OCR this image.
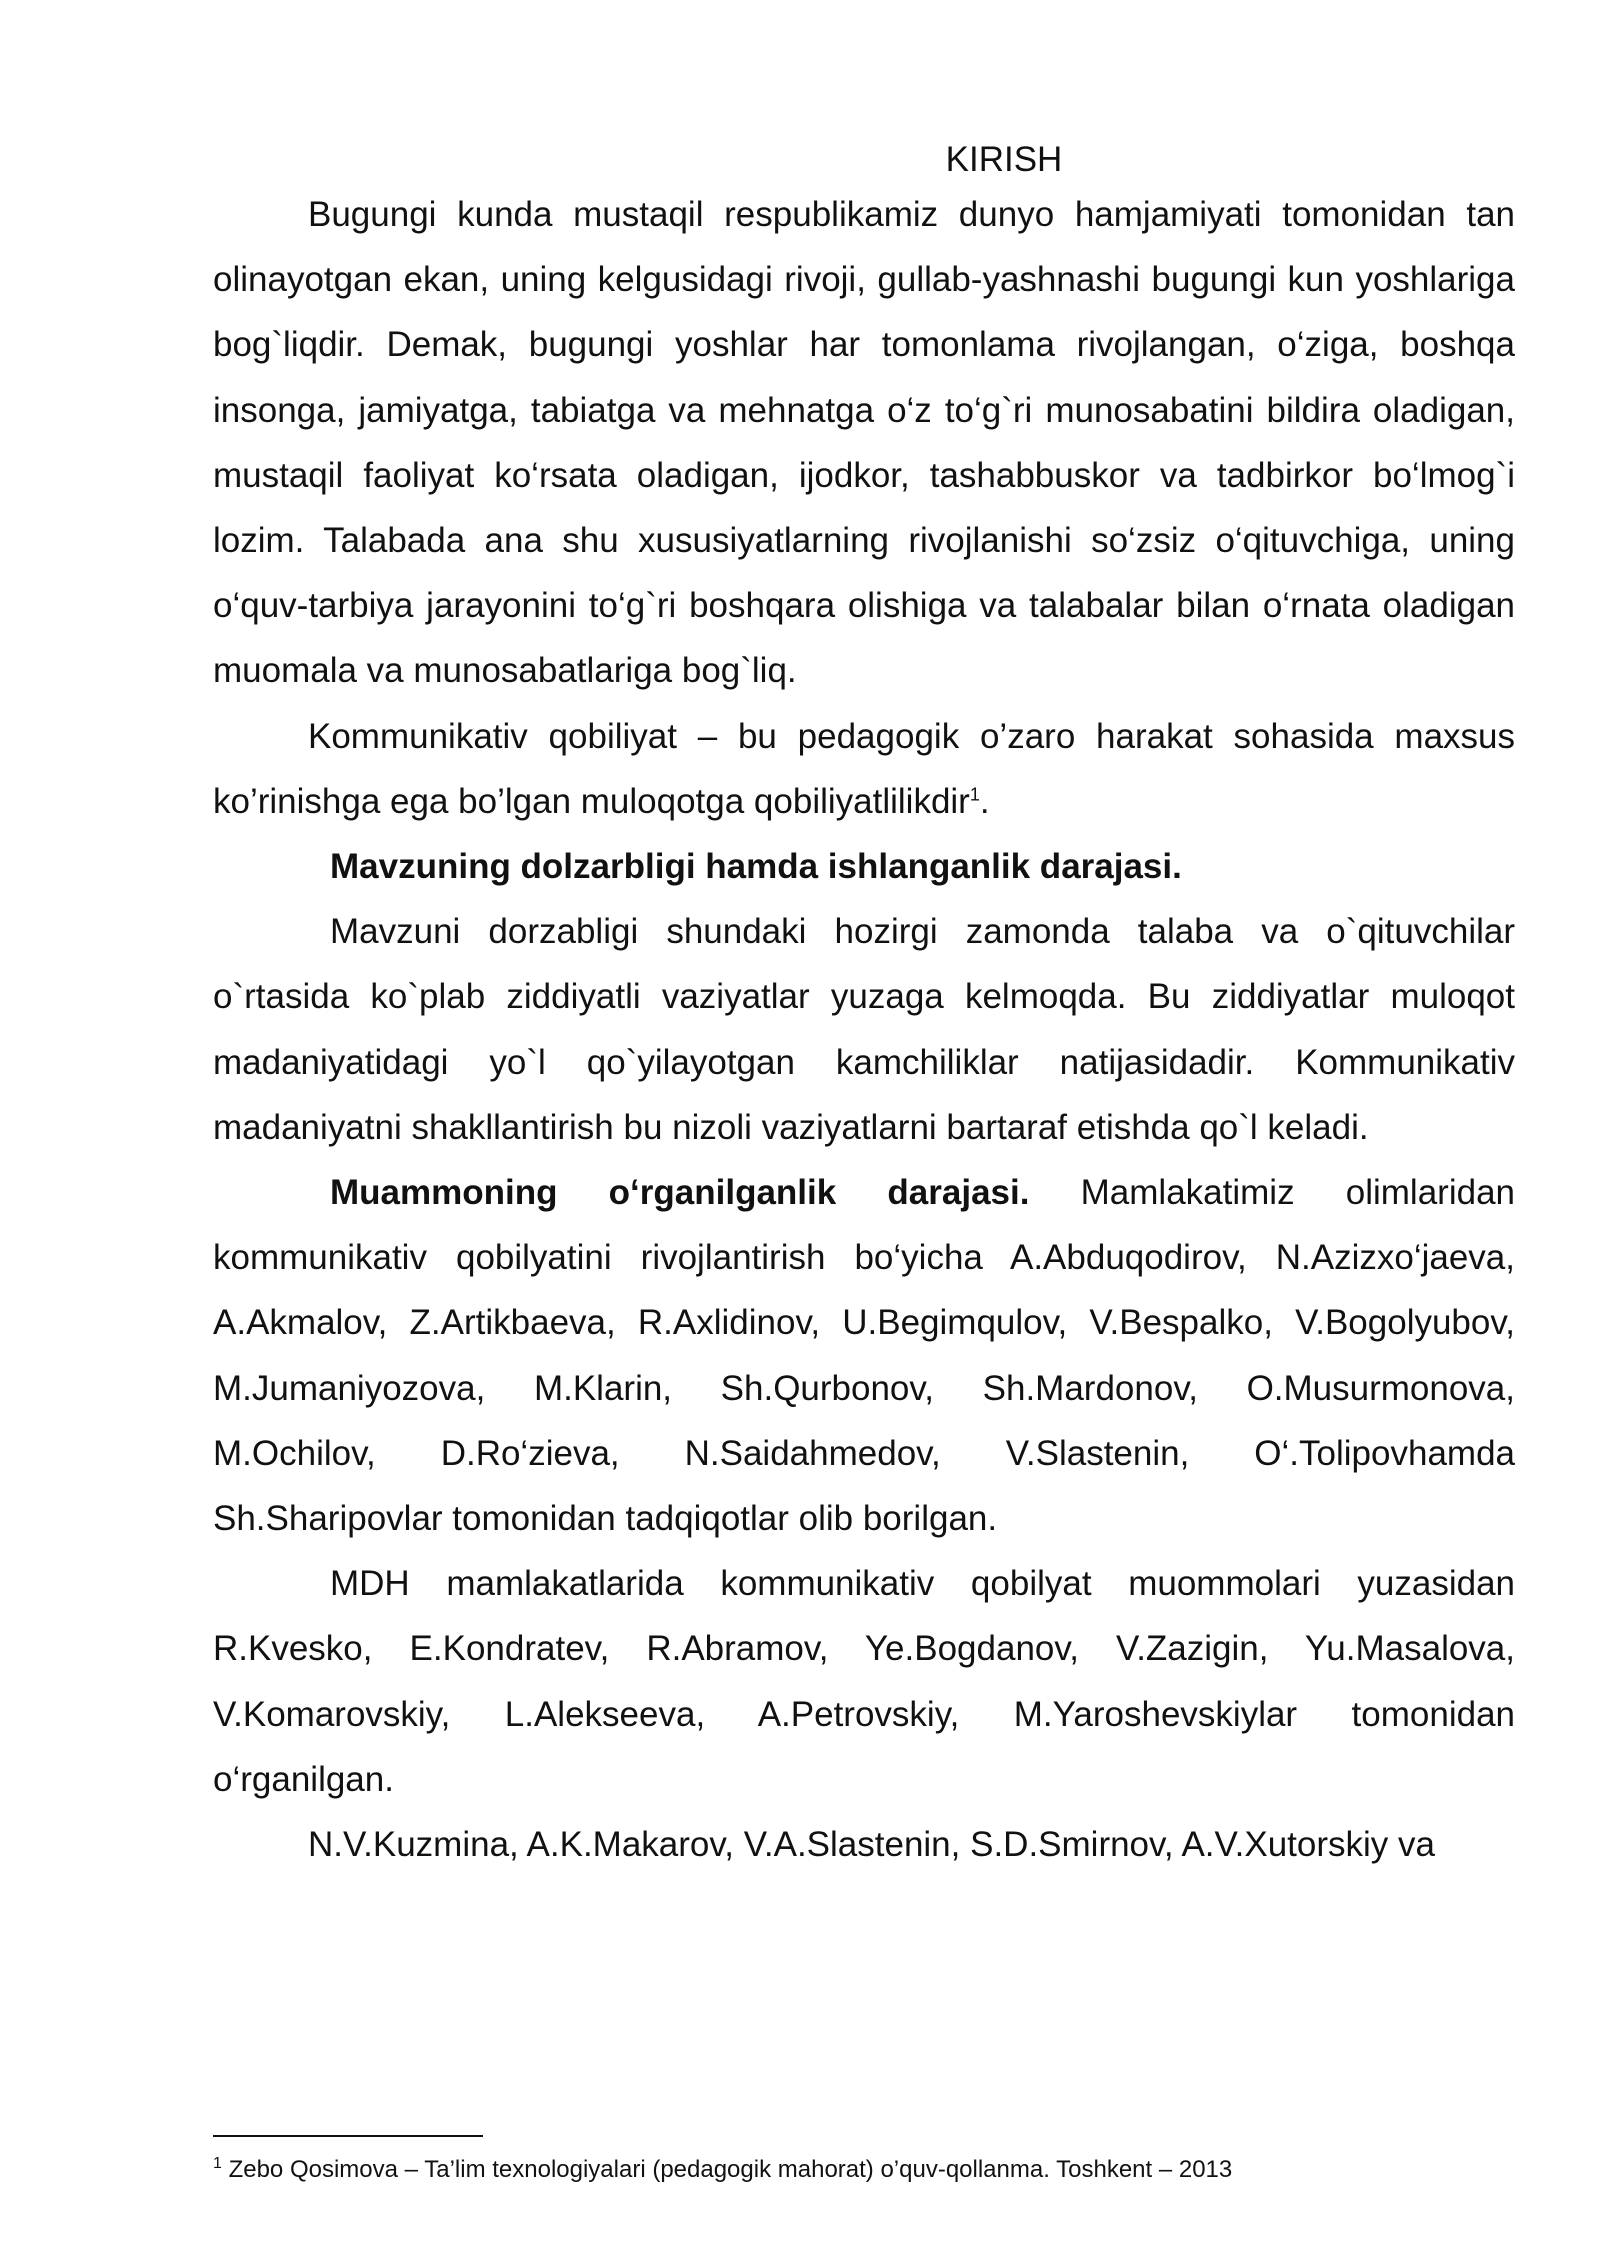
KIRISH

Bugungi kunda mustaqil respublikamiz dunyo hamjamiyati tomonidan tan olinayotgan ekan, uning kelgusidagi rivoji, gullab-yashnashi bugungi kun yoshlariga bog`liqdir. Demak, bugungi yoshlar har tomonlama rivojlangan, o‘ziga, boshqa insonga, jamiyatga, tabiatga va mehnatga o‘z to‘g`ri munosabatini bildira oladigan, mustaqil faoliyat ko‘rsata oladigan, ijodkor, tashabbuskor va tadbirkor bo‘lmog`i lozim. Talabada ana shu xususiyatlarning rivojlanishi so‘zsiz o‘qituvchiga, uning o‘quv-tarbiya jarayonini to‘g`ri boshqara olishiga va talabalar bilan o‘rnata oladigan muomala va munosabatlariga bog`liq.

Kommunikativ qobiliyat – bu pedagogik o’zaro harakat sohasida maxsus ko’rinishga ega bo’lgan muloqotga qobiliyatlilikdir$^1$.

Mavzuning dolzarbligi hamda ishlanganlik darajasi.

Mavzuni dorzabligi shundaki hozirgi zamonda talaba va o`qituvchilar o`rtasida ko`plab ziddiyatli vaziyatlar yuzaga kelmoqda. Bu ziddiyatlar muloqot madaniyatidagi yo`l qo`yilayotgan kamchiliklar natijasidadir. Kommunikativ madaniyatni shakllantirish bu nizoli vaziyatlarni bartaraf etishda qo`l keladi.

Muammoning o‘rganilganlik darajasi. Mamlakatimiz olimlaridan kommunikativ qobilyatini rivojlantirish bo‘yicha A.Abduqodirov, N.Azizxo‘jaeva, A.Akmalov, Z.Artikbaeva, R.Axlidinov, U.Begimqulov, V.Bespalko, V.Bogolyubov, M.Jumaniyozova, M.Klarin, Sh.Qurbonov, Sh.Mardonov, O.Musurmonova, M.Ochilov, D.Ro‘zieva, N.Saidahmedov, V.Slastenin, O‘.Tolipovhamda Sh.Sharipovlar tomonidan tadqiqotlar olib borilgan.

MDH mamlakatlarida kommunikativ qobilyat muommolari yuzasidan R.Kvesko, E.Kondratev, R.Abramov, Ye.Bogdanov, V.Zazigin, Yu.Masalova, V.Komarovskiy, L.Alekseeva, A.Petrovskiy, M.Yaroshevskiylar tomonidan o‘rganilgan.

N.V.Kuzmina, A.K.Makarov, V.A.Slastenin, S.D.Smirnov, A.V.Xutorskiy va

$^1$ Zebo Qosimova – Ta’lim texnologiyalari (pedagogik mahorat) o’quv-qollanma. Toshkent – 2013
